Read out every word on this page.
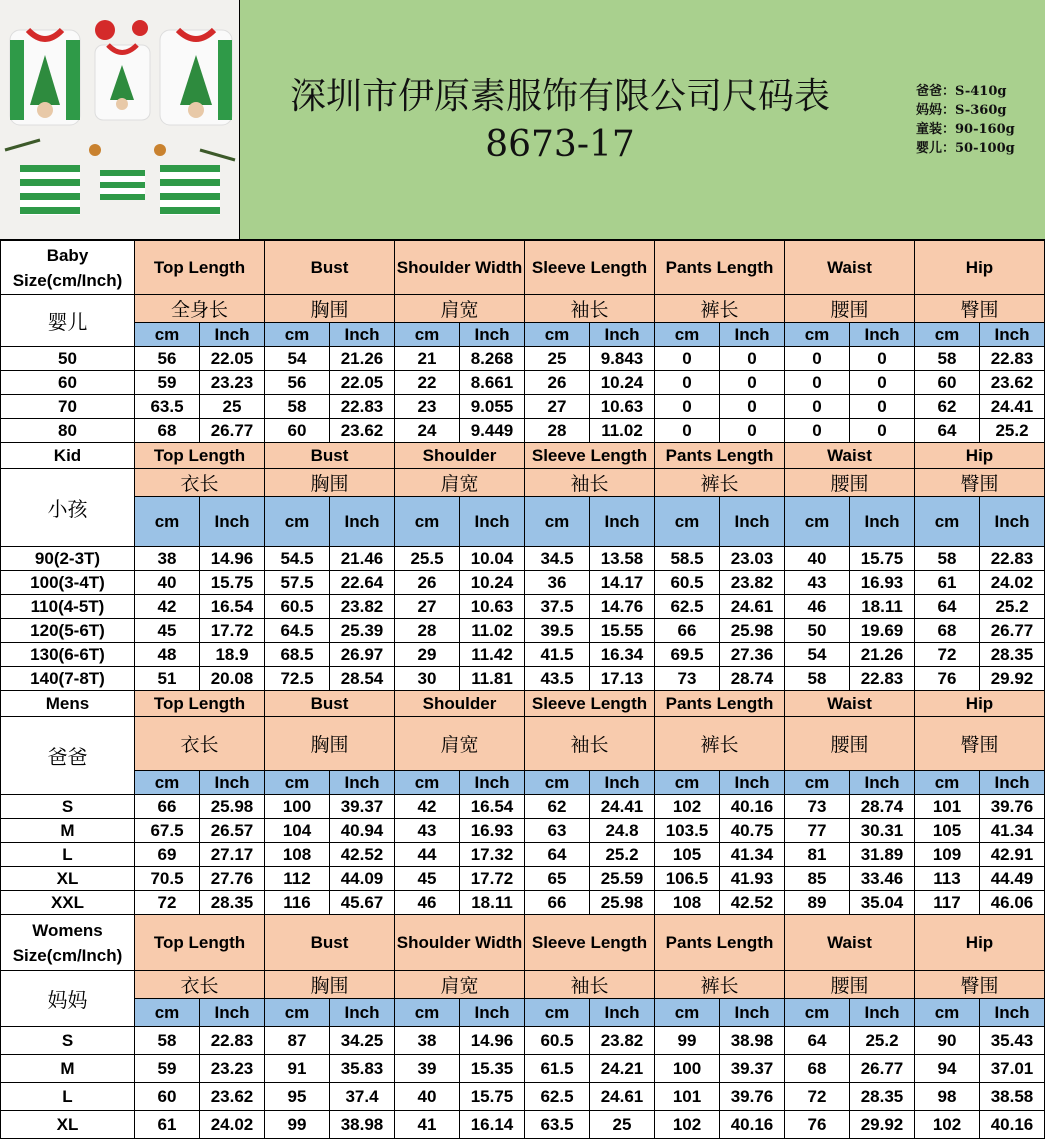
深圳市伊原素服饰有限公司尺码表
8673-17
爸爸：S-410g
妈妈：S-360g
童装：90-160g
婴儿：50-100g
Baby Size(cm/Inch)	Top Length		Bust		Shoulder Width		Sleeve Length		Pants Length		Waist		Hip	
婴儿	全身长		胸围		肩宽		袖长		裤长		腰围		臀围	
	cm	Inch	cm	Inch	cm	Inch	cm	Inch	cm	Inch	cm	Inch	cm	Inch
50	56	22.05	54	21.26	21	8.268	25	9.843	0	0	0	0	58	22.83
60	59	23.23	56	22.05	22	8.661	26	10.24	0	0	0	0	60	23.62
70	63.5	25	58	22.83	23	9.055	27	10.63	0	0	0	0	62	24.41
80	68	26.77	60	23.62	24	9.449	28	11.02	0	0	0	0	64	25.2
Kid	Top Length		Bust		Shoulder		Sleeve Length		Pants Length		Waist		Hip	
小孩	衣长		胸围		肩宽		袖长		裤长		腰围		臀围	
	cm	Inch	cm	Inch	cm	Inch	cm	Inch	cm	Inch	cm	Inch	cm	Inch
90(2-3T)	38	14.96	54.5	21.46	25.5	10.04	34.5	13.58	58.5	23.03	40	15.75	58	22.83
100(3-4T)	40	15.75	57.5	22.64	26	10.24	36	14.17	60.5	23.82	43	16.93	61	24.02
110(4-5T)	42	16.54	60.5	23.82	27	10.63	37.5	14.76	62.5	24.61	46	18.11	64	25.2
120(5-6T)	45	17.72	64.5	25.39	28	11.02	39.5	15.55	66	25.98	50	19.69	68	26.77
130(6-6T)	48	18.9	68.5	26.97	29	11.42	41.5	16.34	69.5	27.36	54	21.26	72	28.35
140(7-8T)	51	20.08	72.5	28.54	30	11.81	43.5	17.13	73	28.74	58	22.83	76	29.92
Mens	Top Length		Bust		Shoulder		Sleeve Length		Pants Length		Waist		Hip	
爸爸	衣长		胸围		肩宽		袖长		裤长		腰围		臀围	
	cm	Inch	cm	Inch	cm	Inch	cm	Inch	cm	Inch	cm	Inch	cm	Inch
S	66	25.98	100	39.37	42	16.54	62	24.41	102	40.16	73	28.74	101	39.76
M	67.5	26.57	104	40.94	43	16.93	63	24.8	103.5	40.75	77	30.31	105	41.34
L	69	27.17	108	42.52	44	17.32	64	25.2	105	41.34	81	31.89	109	42.91
XL	70.5	27.76	112	44.09	45	17.72	65	25.59	106.5	41.93	85	33.46	113	44.49
XXL	72	28.35	116	45.67	46	18.11	66	25.98	108	42.52	89	35.04	117	46.06
Womens Size(cm/Inch)	Top Length		Bust		Shoulder Width		Sleeve Length		Pants Length		Waist		Hip	
妈妈	衣长		胸围		肩宽		袖长		裤长		腰围		臀围	
	cm	Inch	cm	Inch	cm	Inch	cm	Inch	cm	Inch	cm	Inch	cm	Inch
S	58	22.83	87	34.25	38	14.96	60.5	23.82	99	38.98	64	25.2	90	35.43
M	59	23.23	91	35.83	39	15.35	61.5	24.21	100	39.37	68	26.77	94	37.01
L	60	23.62	95	37.4	40	15.75	62.5	24.61	101	39.76	72	28.35	98	38.58
XL	61	24.02	99	38.98	41	16.14	63.5	25	102	40.16	76	29.92	102	40.16
